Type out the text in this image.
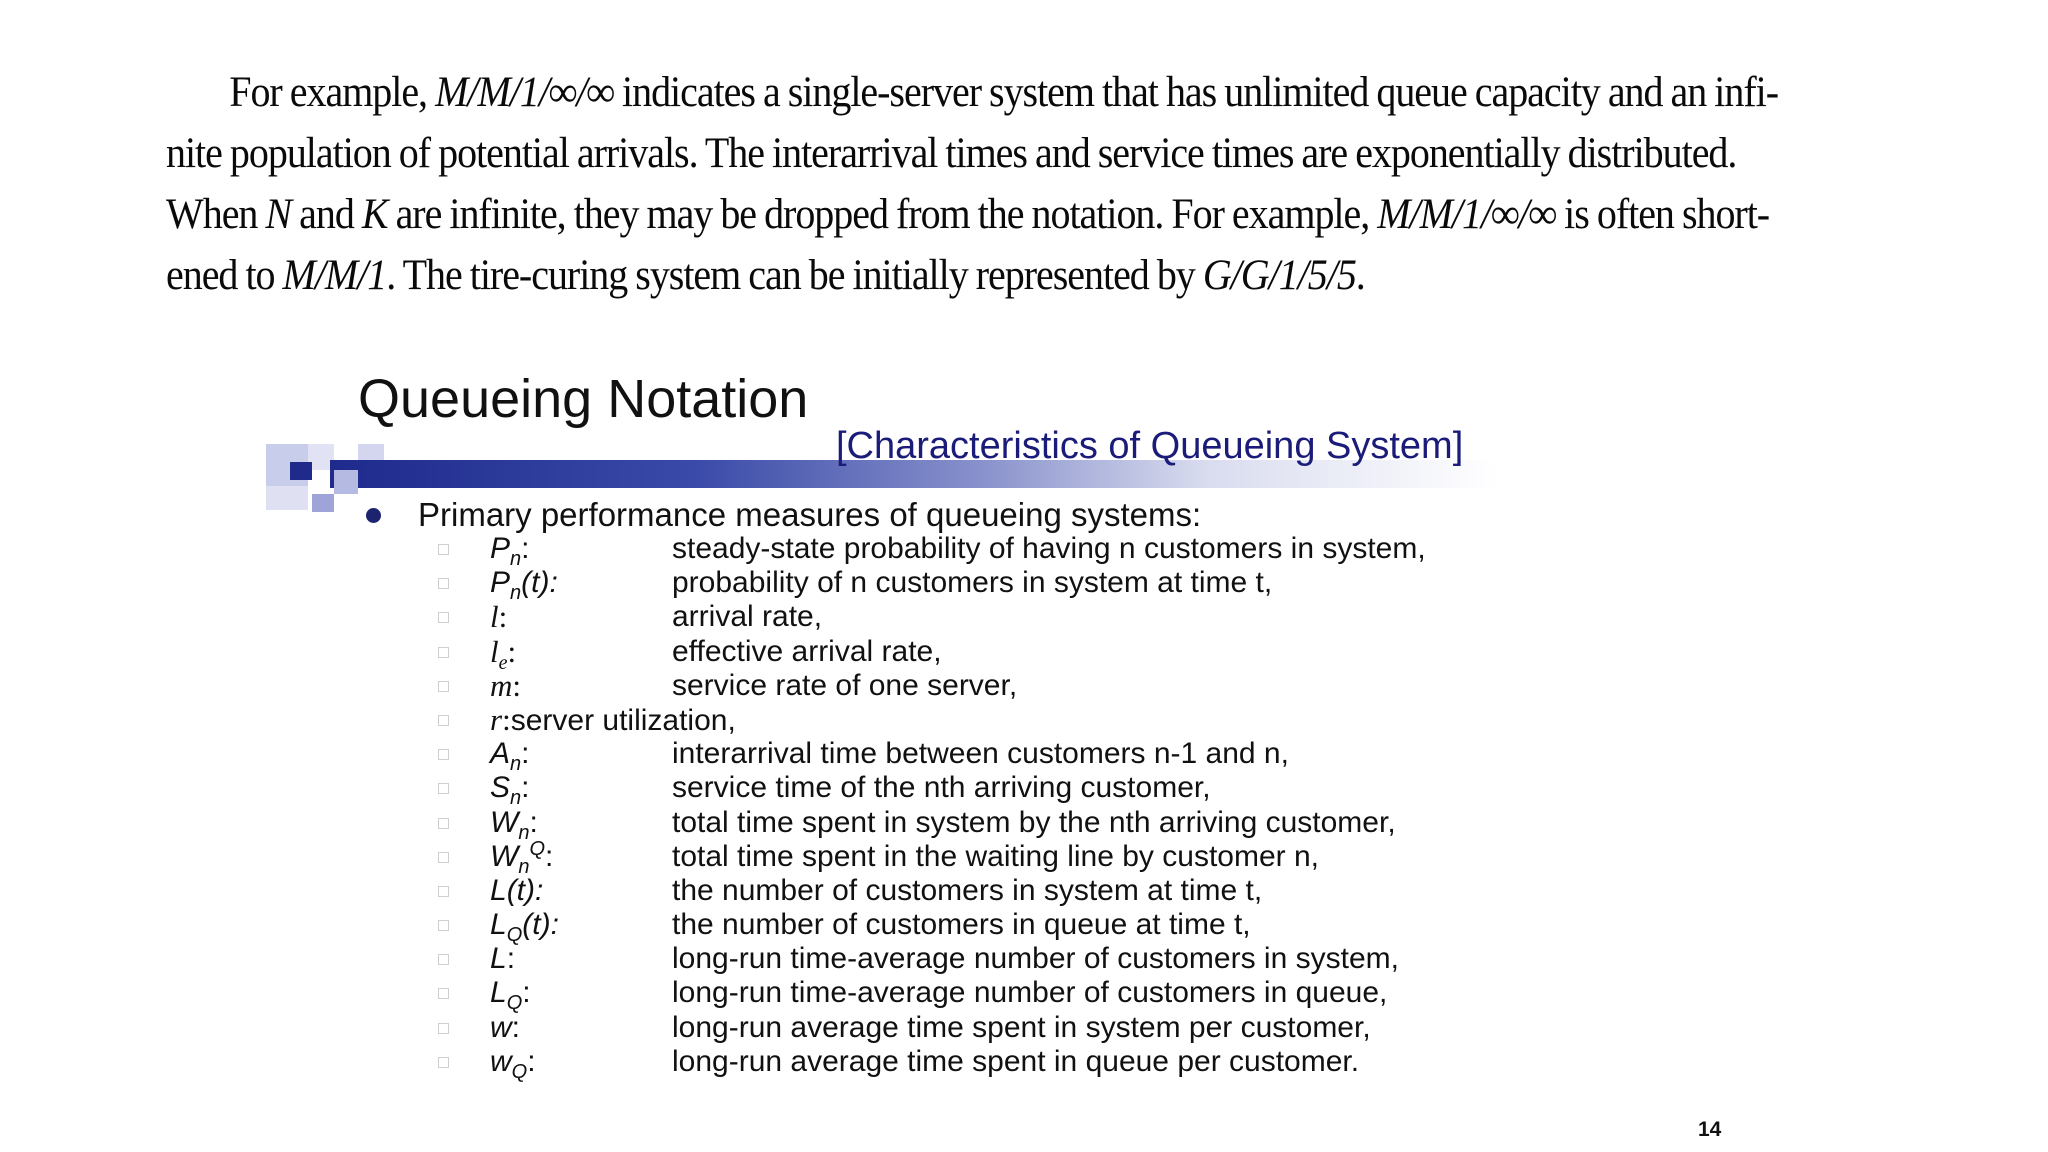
For example, M/M/1/∞/∞ indicates a single-server system that has unlimited queue capacity and an infi-
nite population of potential arrivals. The interarrival times and service times are exponentially distributed.
When N and K are infinite, they may be dropped from the notation. For example, M/M/1/∞/∞ is often short-
ened to M/M/1. The tire-curing system can be initially represented by G/G/1/5/5.
Queueing Notation
[Characteristics of Queueing System]
Primary performance measures of queueing systems:
$P_n$:	steady-state probability of having n customers in system,
$P_n(t)$:	probability of n customers in system at time t,
l:	arrival rate,
$l_e$:	effective arrival rate,
m:	service rate of one server,
r:server utilization,
$A_n$:	interarrival time between customers n-1 and n,
$S_n$:	service time of the nth arriving customer,
$W_n$:	total time spent in system by the nth arriving customer,
$W_n^Q$:	total time spent in the waiting line by customer n,
L(t):	the number of customers in system at time t,
$L_Q(t)$:	the number of customers in queue at time t,
L:	long-run time-average number of customers in system,
$L_Q$:	long-run time-average number of customers in queue,
w:	long-run average time spent in system per customer,
$w_Q$:	long-run average time spent in queue per customer.
14
